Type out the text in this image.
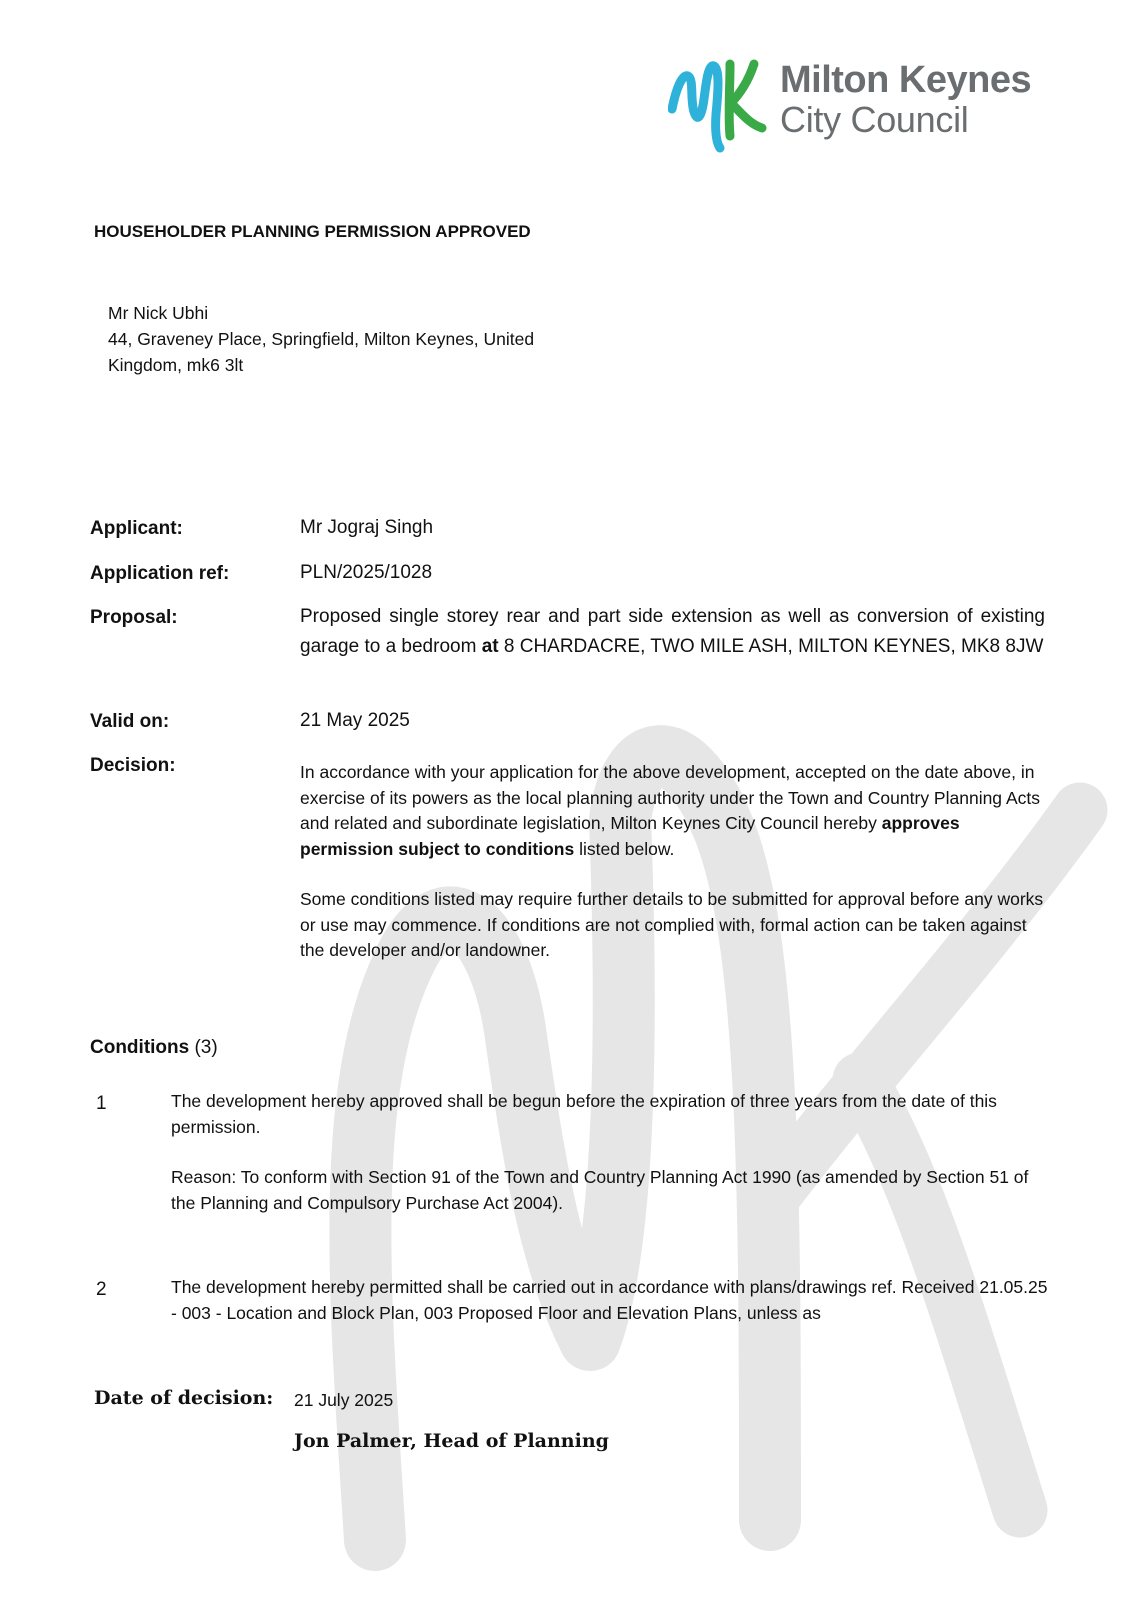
Milton Keynes
City Council
HOUSEHOLDER PLANNING PERMISSION APPROVED
Mr Nick Ubhi
44, Graveney Place, Springfield, Milton Keynes, United
Kingdom, mk6 3lt
Applicant:	Mr Jograj Singh
Application ref:	PLN/2025/1028
Proposal:	Proposed single storey rear and part side extension as well as conversion of existing garage to a bedroom at 8 CHARDACRE, TWO MILE ASH, MILTON KEYNES, MK8 8JW
Valid on:	21 May 2025
Decision:	In accordance with your application for the above development, accepted on the date above, in exercise of its powers as the local planning authority under the Town and Country Planning Acts and related and subordinate legislation, Milton Keynes City Council hereby approves permission subject to conditions listed below.

Some conditions listed may require further details to be submitted for approval before any works or use may commence. If conditions are not complied with, formal action can be taken against the developer and/or landowner.

Conditions (3)
1	The development hereby approved shall be begun before the expiration of three years from the date of this permission.

Reason: To conform with Section 91 of the Town and Country Planning Act 1990 (as amended by Section 51 of the Planning and Compulsory Purchase Act 2004).

2	The development hereby permitted shall be carried out in accordance with plans/drawings ref. Received 21.05.25 - 003 - Location and Block Plan, 003 Proposed Floor and Elevation Plans, unless as

Date of decision: 21 July 2025
Jon Palmer, Head of Planning
